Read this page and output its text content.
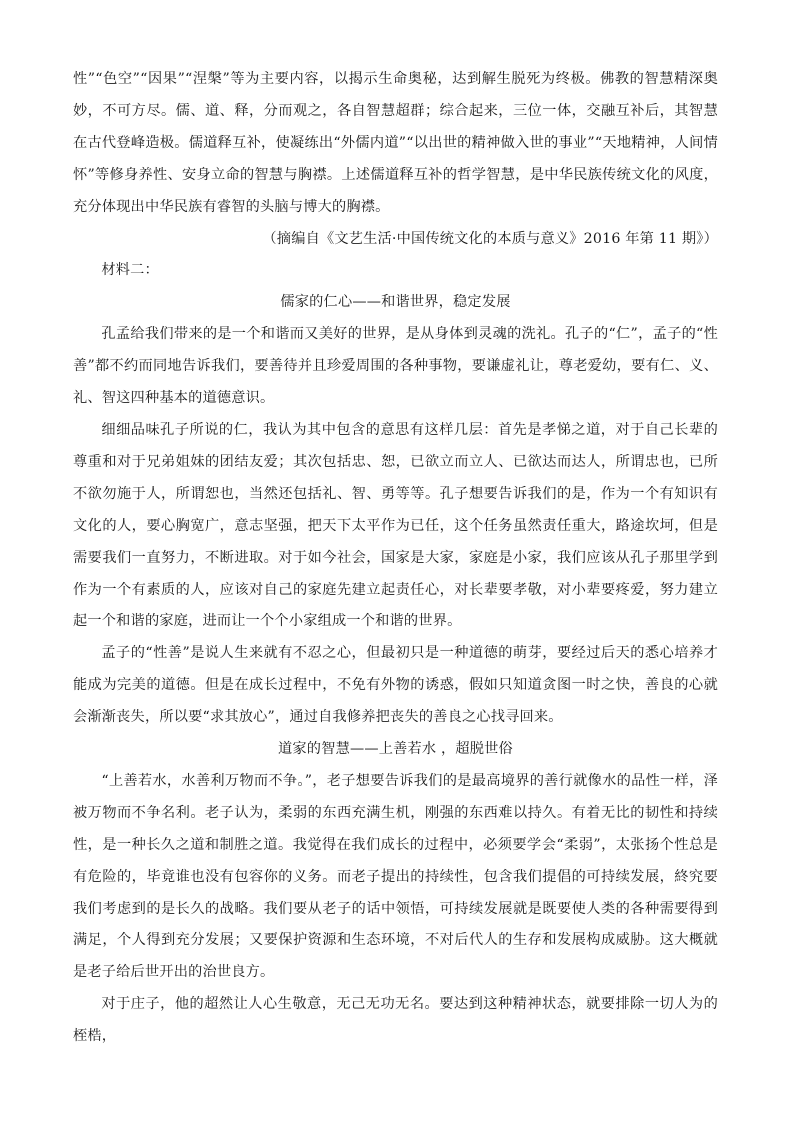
性”“色空”“因果”“涅槃”等为主要内容，以揭示生命奥秘，达到解生脱死为终极。佛教的智慧精深奥妙，不可方尽。儒、道、释，分而观之，各自智慧超群；综合起来，三位一体，交融互补后，其智慧在古代登峰造极。儒道释互补，使凝练出“外儒内道”“以出世的精神做入世的事业”“天地精神，人间情怀”等修身养性、安身立命的智慧与胸襟。上述儒道释互补的哲学智慧，是中华民族传统文化的风度，充分体现出中华民族有睿智的头脑与博大的胸襟。

（摘编自《文艺生活·中国传统文化的本质与意义》2016 年第 11 期》）

材料二：

儒家的仁心——和谐世界，稳定发展

孔孟给我们带来的是一个和谐而又美好的世界，是从身体到灵魂的洗礼。孔子的“仁”，孟子的“性善”都不约而同地告诉我们，要善待并且珍爱周围的各种事物，要谦虚礼让，尊老爱幼，要有仁、义、礼、智这四种基本的道德意识。

细细品味孔子所说的仁，我认为其中包含的意思有这样几层：首先是孝悌之道，对于自己长辈的尊重和对于兄弟姐妹的团结友爱；其次包括忠、恕，已欲立而立人、已欲达而达人，所谓忠也，已所不欲勿施于人，所谓恕也，当然还包括礼、智、勇等等。孔子想要告诉我们的是，作为一个有知识有文化的人，要心胸宽广，意志坚强，把天下太平作为已任，这个任务虽然责任重大，路途坎坷，但是需要我们一直努力，不断进取。对于如今社会，国家是大家，家庭是小家，我们应该从孔子那里学到作为一个有素质的人，应该对自己的家庭先建立起责任心，对长辈要孝敬，对小辈要疼爱，努力建立起一个和谐的家庭，进而让一个个小家组成一个和谐的世界。

孟子的“性善”是说人生来就有不忍之心，但最初只是一种道德的萌芽，要经过后天的悉心培养才能成为完美的道德。但是在成长过程中，不免有外物的诱惑，假如只知道贪图一时之快，善良的心就会渐渐丧失，所以要“求其放心”，通过自我修养把丧失的善良之心找寻回来。

道家的智慧——上善若水 ，超脱世俗

“上善若水，水善利万物而不争。”，老子想要告诉我们的是最高境界的善行就像水的品性一样，泽被万物而不争名利。老子认为，柔弱的东西充满生机，刚强的东西难以持久。有着无比的韧性和持续性，是一种长久之道和制胜之道。我觉得在我们成长的过程中，必须要学会“柔弱”，太张扬个性总是有危险的，毕竟谁也没有包容你的义务。而老子提出的持续性，包含我们提倡的可持续发展，終究要我们考虑到的是长久的战略。我们要从老子的话中领悟，可持续发展就是既要使人类的各种需要得到满足，个人得到充分发展；又要保护资源和生态环境，不对后代人的生存和发展构成威胁。这大概就是老子给后世开出的治世良方。

对于庄子，他的超然让人心生敬意，无己无功无名。要达到这种精神状态，就要排除一切人为的桎梏，
